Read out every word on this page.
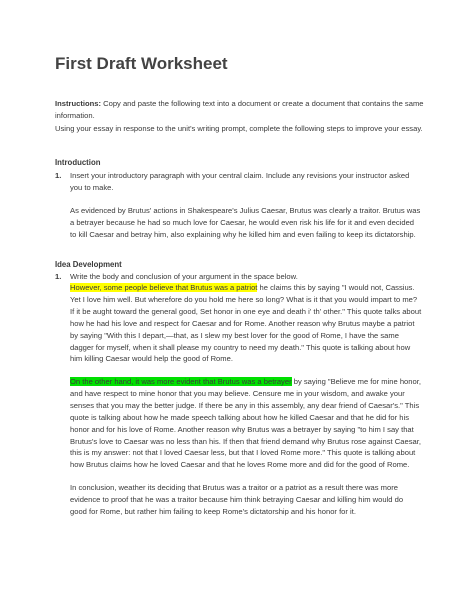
First Draft Worksheet

Instructions: Copy and paste the following text into a document or create a document that contains the same information.

Using your essay in response to the unit's writing prompt, complete the following steps to improve your essay.

Introduction
1. Insert your introductory paragraph with your central claim. Include any revisions your instructor asked you to make.

As evidenced by Brutus' actions in Shakespeare's Julius Caesar, Brutus was clearly a traitor. Brutus was a betrayer because he had so much love for Caesar, he would even risk his life for it and even decided to kill Caesar and betray him, also explaining why he killed him and even failing to keep its dictatorship.

Idea Development
1. Write the body and conclusion of your argument in the space below.

However, some people believe that Brutus was a patriot he claims this by saying "I would not, Cassius. Yet I love him well. But wherefore do you hold me here so long? What is it that you would impart to me? If it be aught toward the general good, Set honor in one eye and death i' th' other." This quote talks about how he had his love and respect for Caesar and for Rome. Another reason why Brutus maybe a patriot by saying "With this I depart,—that, as I slew my best lover for the good of Rome, I have the same dagger for myself, when it shall please my country to need my death." This quote is talking about how him killing Caesar would help the good of Rome.

On the other hand, it was more evident that Brutus was a betrayer by saying "Believe me for mine honor, and have respect to mine honor that you may believe. Censure me in your wisdom, and awake your senses that you may the better judge. If there be any in this assembly, any dear friend of Caesar's." This quote is talking about how he made speech talking about how he killed Caesar and that he did for his honor and for his love of Rome. Another reason why Brutus was a betrayer by saying "to him I say that Brutus's love to Caesar was no less than his. If then that friend demand why Brutus rose against Caesar, this is my answer: not that I loved Caesar less, but that I loved Rome more." This quote is talking about how Brutus claims how he loved Caesar and that he loves Rome more and did for the good of Rome.

In conclusion, weather its deciding that Brutus was a traitor or a patriot as a result there was more evidence to proof that he was a traitor because him think betraying Caesar and killing him would do good for Rome, but rather him failing to keep Rome's dictatorship and his honor for it.
